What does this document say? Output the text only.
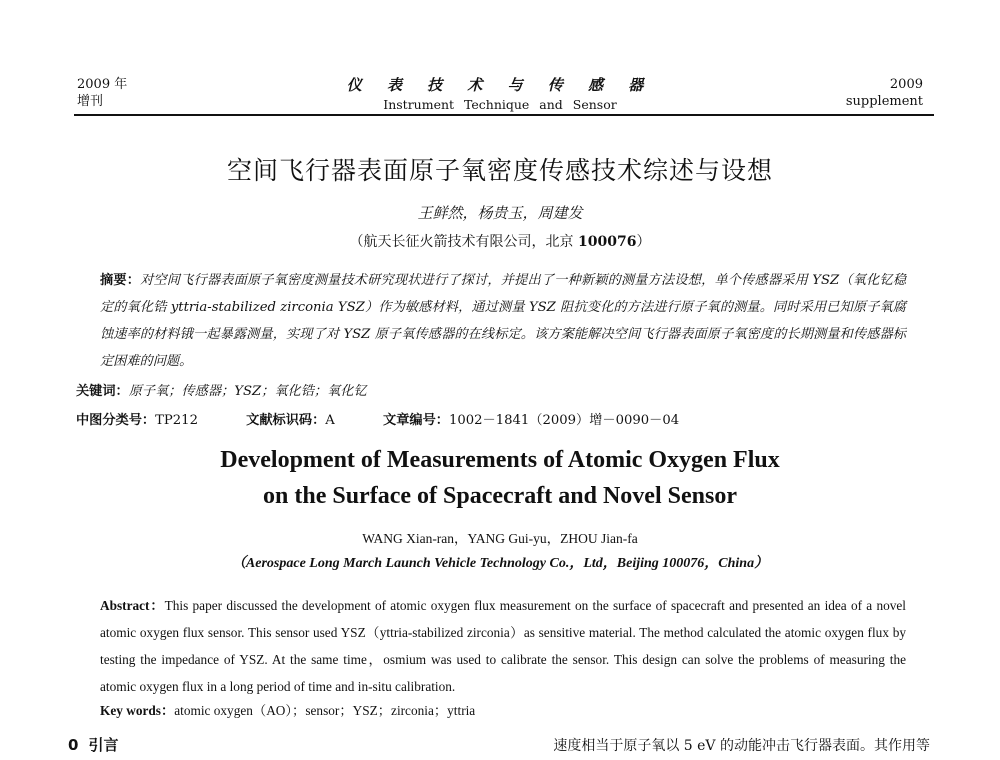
2009 年
增刊
仪 表 技 术 与 传 感 器
Instrument Technique and Sensor
2009
supplement
空间飞行器表面原子氧密度传感技术综述与设想
王鲜然，杨贵玉，周建发
（航天长征火箭技术有限公司，北京 100076）
摘要：对空间飞行器表面原子氧密度测量技术研究现状进行了探讨，并提出了一种新颖的测量方法设想，单个传感器采用 YSZ（氧化钇稳定的氧化锆 yttria-stabilized zirconia YSZ）作为敏感材料，通过测量 YSZ 阻抗变化的方法进行原子氧的测量。同时采用已知原子氧腐蚀速率的材料锇一起暴露测量，实现了对 YSZ 原子氧传感器的在线标定。该方案能解决空间飞行器表面原子氧密度的长期测量和传感器标定困难的问题。
关键词：原子氧；传感器；YSZ；氧化锆；氧化钇
中图分类号：TP212	文献标识码：A	文章编号：1002－1841（2009）增－0090－04
Development of Measurements of Atomic Oxygen Flux
on the Surface of Spacecraft and Novel Sensor
WANG Xian-ran，YANG Gui-yu，ZHOU Jian-fa
（Aerospace Long March Launch Vehicle Technology Co.，Ltd，Beijing 100076，China）
Abstract：This paper discussed the development of atomic oxygen flux measurement on the surface of spacecraft and presented an idea of a novel atomic oxygen flux sensor. This sensor used YSZ（yttria-stabilized zirconia）as sensitive material. The method calculated the atomic oxygen flux by testing the impedance of YSZ. At the same time，osmium was used to calibrate the sensor. This design can solve the problems of measuring the atomic oxygen flux in a long period of time and in-situ calibration.
Key words：atomic oxygen（AO）；sensor；YSZ；zirconia；yttria
0 引言	速度相当于原子氧以 5 eV 的动能冲击飞行器表面。其作用等
